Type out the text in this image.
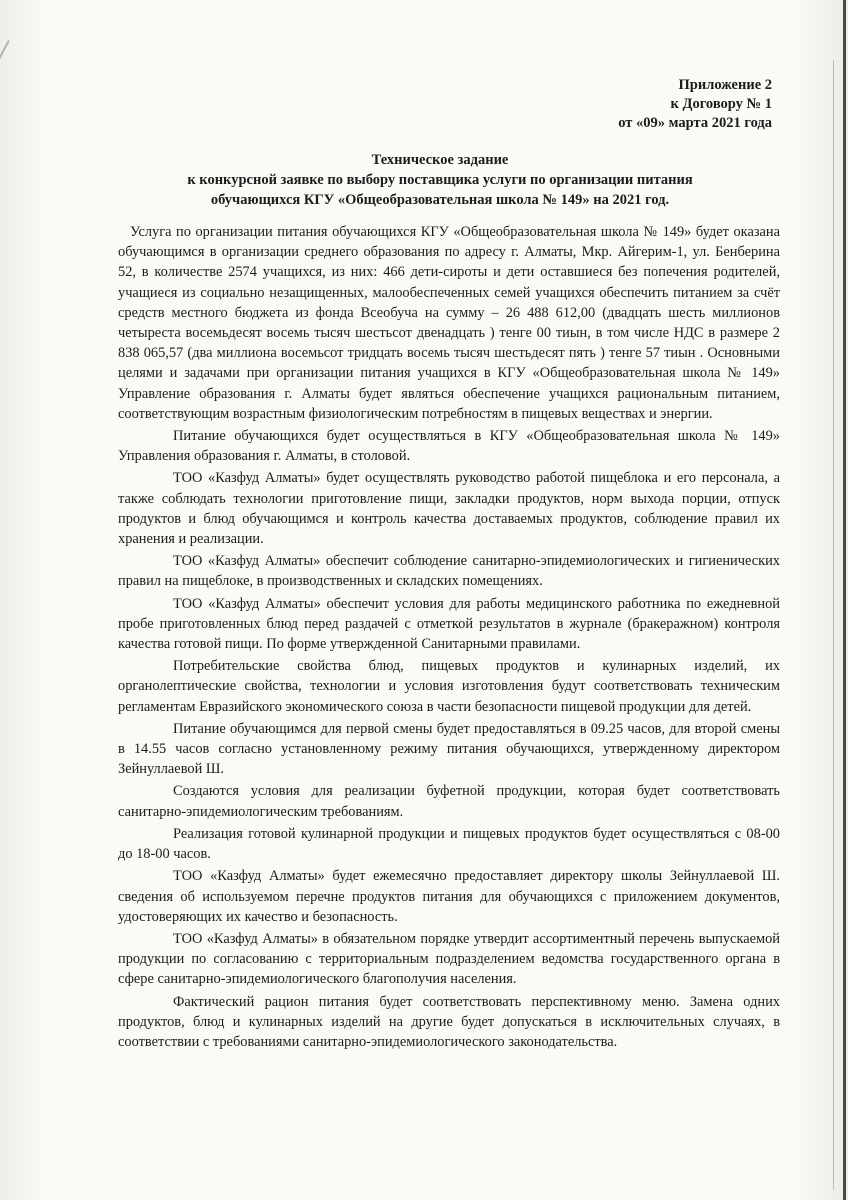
Приложение 2
к Договору № 1
от «09» марта 2021 года
Техническое задание
к конкурсной заявке по выбору поставщика услуги по организации питания
обучающихся КГУ «Общеобразовательная школа № 149» на 2021 год.

Услуга по организации питания обучающихся КГУ «Общеобразовательная школа № 149» будет оказана обучающимся в организации среднего образования по адресу г. Алматы, Мкр. Айгерим-1, ул. Бенберина 52, в количестве 2574 учащихся, из них: 466 дети-сироты и дети оставшиеся без попечения родителей, учащиеся из социально незащищенных, малообеспеченных семей учащихся обеспечить питанием за счёт средств местного бюджета из фонда Всеобуча на сумму – 26 488 612,00 (двадцать шесть миллионов четыреста восемьдесят восемь тысяч шестьсот двенадцать ) тенге 00 тиын, в том числе НДС в размере 2 838 065,57 (два миллиона восемьсот тридцать восемь тысяч шестьдесят пять ) тенге 57 тиын . Основными целями и задачами при организации питания учащихся в КГУ «Общеобразовательная школа № 149» Управление образования г. Алматы будет являться обеспечение учащихся рациональным питанием, соответствующим возрастным физиологическим потребностям в пищевых веществах и энергии.

Питание обучающихся будет осуществляться в КГУ «Общеобразовательная школа № 149» Управления образования г. Алматы, в столовой.

ТОО «Казфуд Алматы» будет осуществлять руководство работой пищеблока и его персонала, а также соблюдать технологии приготовление пищи, закладки продуктов, норм выхода порции, отпуск продуктов и блюд обучающимся и контроль качества доставаемых продуктов, соблюдение правил их хранения и реализации.

ТОО «Казфуд Алматы» обеспечит соблюдение санитарно-эпидемиологических и гигиенических правил на пищеблоке, в производственных и складских помещениях.

ТОО «Казфуд Алматы» обеспечит условия для работы медицинского работника по ежедневной пробе приготовленных блюд перед раздачей с отметкой результатов в журнале (бракеражном) контроля качества готовой пищи. По форме утвержденной Санитарными правилами.

Потребительские свойства блюд, пищевых продуктов и кулинарных изделий, их органолептические свойства, технологии и условия изготовления будут соответствовать техническим регламентам Евразийского экономического союза в части безопасности пищевой продукции для детей.

Питание обучающимся для первой смены будет предоставляться в 09.25 часов, для второй смены в 14.55 часов согласно установленному режиму питания обучающихся, утвержденному директором Зейнуллаевой Ш.

Создаются условия для реализации буфетной продукции, которая будет соответствовать санитарно-эпидемиологическим требованиям.

Реализация готовой кулинарной продукции и пищевых продуктов будет осуществляться с 08-00 до 18-00 часов.

ТОО «Казфуд Алматы» будет ежемесячно предоставляет директору школы Зейнуллаевой Ш. сведения об используемом перечне продуктов питания для обучающихся с приложением документов, удостоверяющих их качество и безопасность.

ТОО «Казфуд Алматы» в обязательном порядке утвердит ассортиментный перечень выпускаемой продукции по согласованию с территориальным подразделением ведомства государственного органа в сфере санитарно-эпидемиологического благополучия населения.

Фактический рацион питания будет соответствовать перспективному меню. Замена одних продуктов, блюд и кулинарных изделий на другие будет допускаться в исключительных случаях, в соответствии с требованиями санитарно-эпидемиологического законодательства.
